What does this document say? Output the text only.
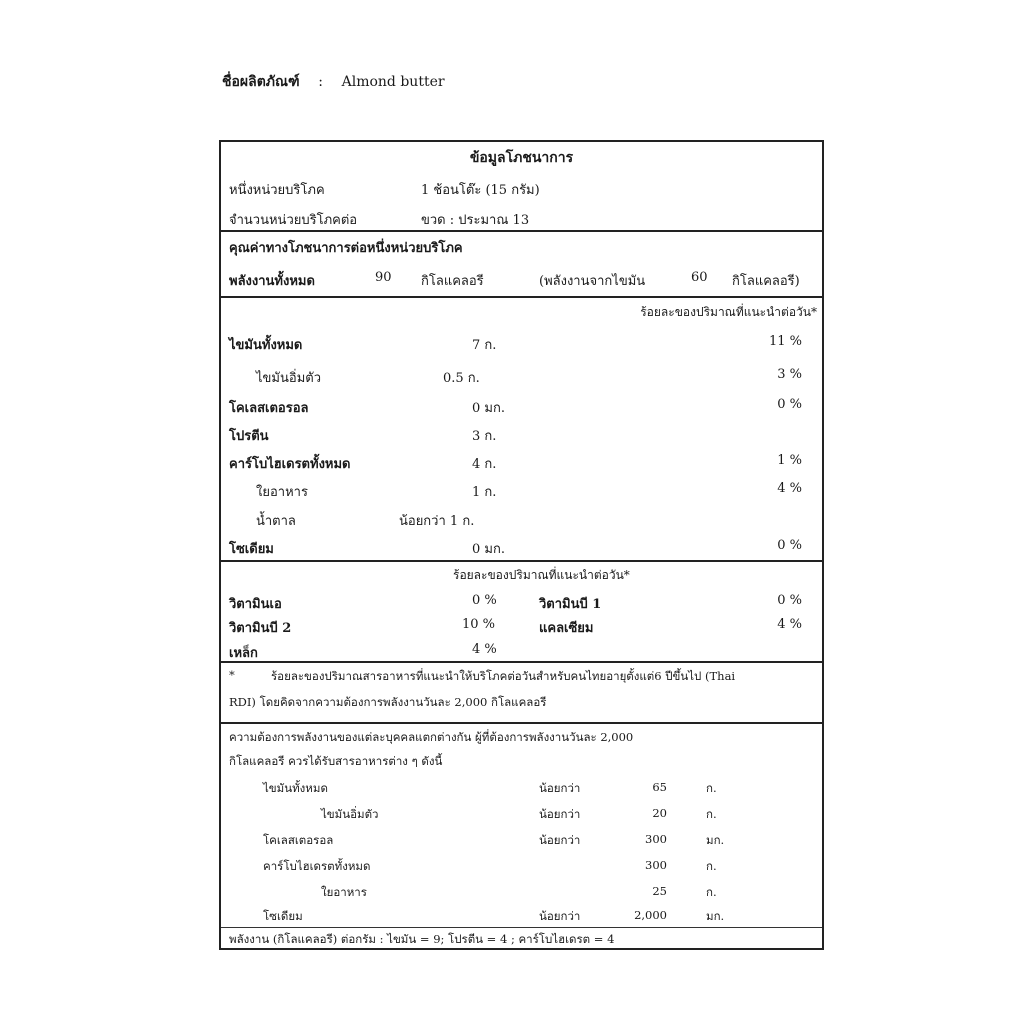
ชื่อผลิตภัณฑ์ : Almond butter
ข้อมูลโภชนาการ
หนึ่งหน่วยบริโภค	1 ช้อนโต๊ะ (15 กรัม)
จำนวนหน่วยบริโภคต่อ	ขวด : ประมาณ 13
คุณค่าทางโภชนาการต่อหนึ่งหน่วยบริโภค
พลังงานทั้งหมด	90 กิโลแคลอรี	(พลังงานจากไขมัน	60 กิโลแคลอรี)
ร้อยละของปริมาณที่แนะนำต่อวัน*
ไขมันทั้งหมด	7 ก.	11 %
ไขมันอิ่มตัว	0.5 ก.	3 %
โคเลสเตอรอล	0 มก.	0 %
โปรตีน	3 ก.
คาร์โบไฮเดรตทั้งหมด	4 ก.	1 %
ใยอาหาร	1 ก.	4 %
น้ำตาล	น้อยกว่า 1 ก.
โซเดียม	0 มก.	0 %
ร้อยละของปริมาณที่แนะนำต่อวัน*
วิตามินเอ	0 %	วิตามินบี 1	0 %
วิตามินบี 2	10 %	แคลเซียม	4 %
เหล็ก	4 %
*	ร้อยละของปริมาณสารอาหารที่แนะนำให้บริโภคต่อวันสำหรับคนไทยอายุตั้งแต่6 ปีขึ้นไป (Thai
RDI) โดยคิดจากความต้องการพลังงานวันละ 2,000 กิโลแคลอรี
ความต้องการพลังงานของแต่ละบุคคลแตกต่างกัน ผู้ที่ต้องการพลังงานวันละ 2,000
กิโลแคลอรี ควรได้รับสารอาหารต่าง ๆ ดังนี้
ไขมันทั้งหมด	น้อยกว่า	65	ก.
ไขมันอิ่มตัว	น้อยกว่า	20	ก.
โคเลสเตอรอล	น้อยกว่า	300	มก.
คาร์โบไฮเดรตทั้งหมด	300	ก.
ใยอาหาร	25	ก.
โซเดียม	น้อยกว่า	2,000	มก.
พลังงาน (กิโลแคลอรี) ต่อกรัม : ไขมัน = 9; โปรตีน = 4 ; คาร์โบไฮเดรต = 4
